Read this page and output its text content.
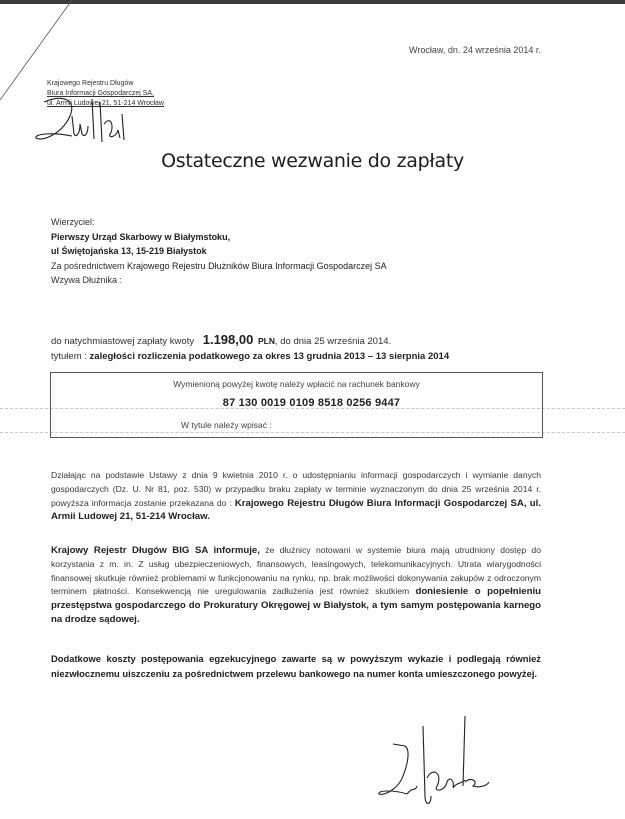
Wrocław, dn. 24 września 2014 r.
Krajowego Rejestru Długów
Biura Informacji Gospodarczej SA,
ul. Armii Ludowej 21, 51-214 Wrocław
Ostateczne wezwanie do zapłaty
Wierzyciel:
Pierwszy Urząd Skarbowy w Białymstoku,
ul Świętojańska 13, 15-219 Białystok
Za pośrednictwem Krajowego Rejestru Dłużników Biura Informacji Gospodarczej SA
Wzywa Dłużnika :
do natychmiastowej zapłaty kwoty 1.198,00 PLN, do dnia 25 września 2014.
tytułem : zaległości rozliczenia podatkowego za okres 13 grudnia 2013 – 13 sierpnia 2014
Wymienioną powyżej kwotę należy wpłacić na rachunek bankowy
87 130 0019 0109 8518 0256 9447
W tytule należy wpisać :
Działając na podstawie Ustawy z dnia 9 kwietnia 2010 r. o udostępnianiu informacji gospodarczych i wymianie danych gospodarczych (Dz. U. Nr 81, poz. 530) w przypadku braku zapłaty w terminie wyznaczonym do dnia 25 września 2014 r. powyższa informacja zostanie przekazana do : Krajowego Rejestru Długów Biura Informacji Gospodarczej SA, ul. Armii Ludowej 21, 51-214 Wrocław.
Krajowy Rejestr Długów BIG SA informuje, że dłużnicy notowani w systemie biura mają utrudniony dostęp do korzystania z m. in. Z usług ubezpieczeniowych, finansowych, leasingowych, telekomunikacyjnych. Utrata wiarygodności finansowej skutkuje również problemami w funkcjonowaniu na rynku, np. brak możliwości dokonywania zakupów z odroczonym terminem płatności. Konsekwencją nie uregulowania zadłużenia jest również skutkiem doniesienie o popełnieniu przestępstwa gospodarczego do Prokuratury Okręgowej w Białystok, a tym samym postępowania karnego na drodze sądowej.
Dodatkowe koszty postępowania egzekucyjnego zawarte są w powyższym wykazie i podlegają również niezwłocznemu uiszczeniu za pośrednictwem przelewu bankowego na numer konta umieszczonego powyżej.
